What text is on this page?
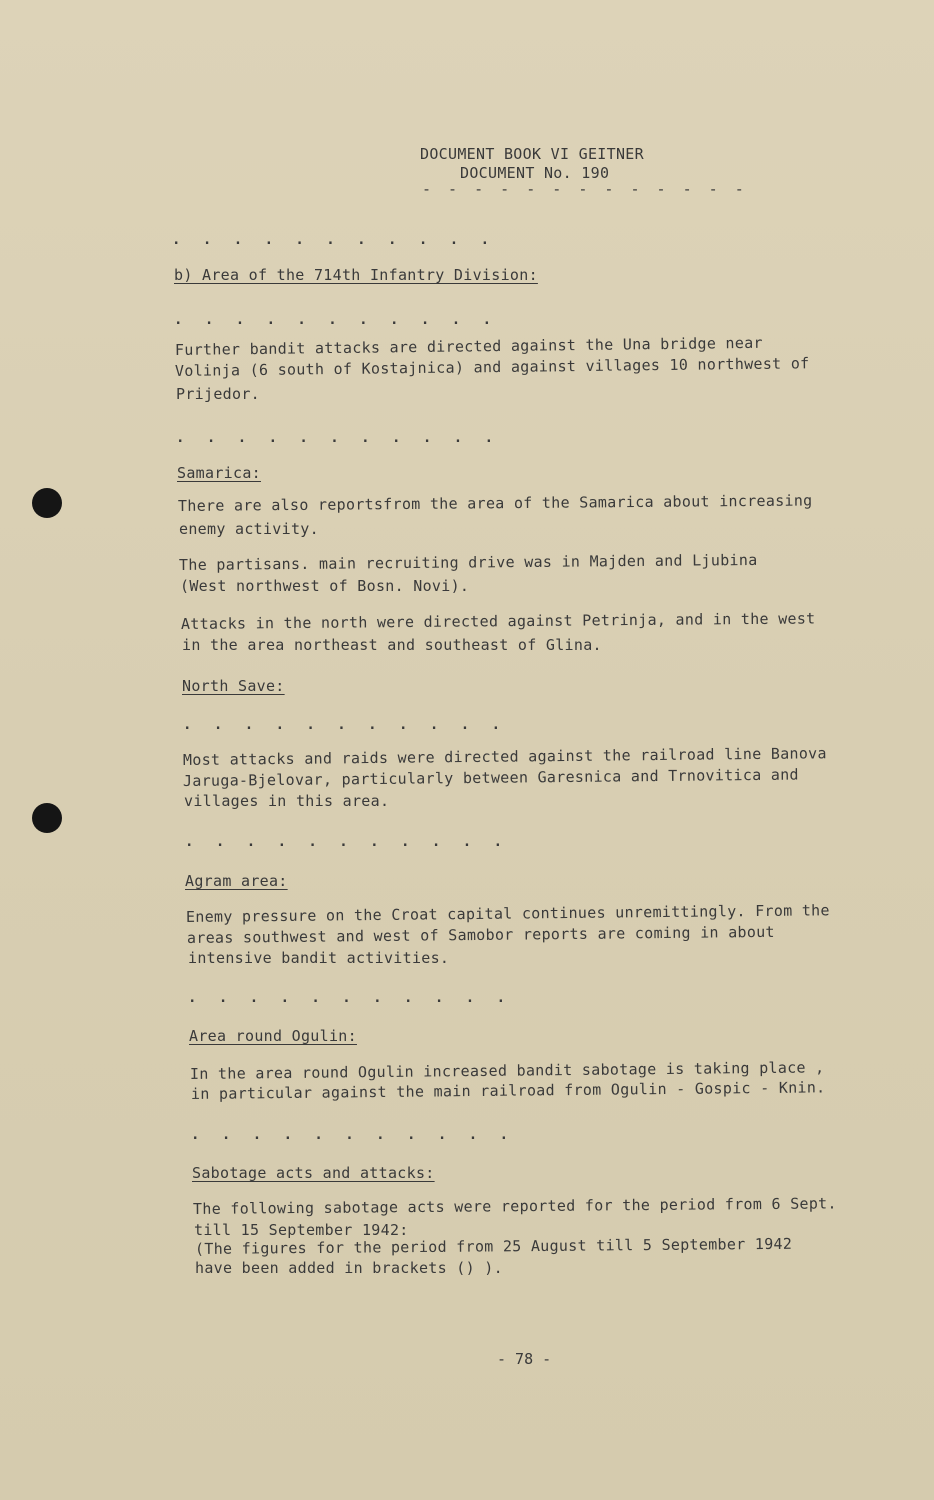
DOCUMENT BOOK VI GEITNER
DOCUMENT No. 190
- - - - - - - - - - - - -
. . . . . . . . . . .
b) Area of the 714th Infantry Division:
. . . . . . . . . . .
Further bandit attacks are directed against the Una bridge near
Volinja (6 south of Kostajnica) and against villages 10 northwest of
Prijedor.
. . . . . . . . . . .
Samarica:
There are also reportsfrom the area of the Samarica about increasing
enemy activity.
The partisans. main recruiting drive was in Majden and Ljubina
(West northwest of Bosn. Novi).
Attacks in the north were directed against Petrinja, and in the west
in the area northeast and southeast of Glina.
North Save:
. . . . . . . . . . .
Most attacks and raids were directed against the railroad line Banova
Jaruga-Bjelovar, particularly between Garesnica and Trnovitica and
villages in this area.
. . . . . . . . . . .
Agram area:
Enemy pressure on the Croat capital continues unremittingly. From the
areas southwest and west of Samobor reports are coming in about
intensive bandit activities.
. . . . . . . . . . .
Area round Ogulin:
In the area round Ogulin increased bandit sabotage is taking place ,
in particular against the main railroad from Ogulin - Gospic - Knin.
. . . . . . . . . . .
Sabotage acts and attacks:
The following sabotage acts were reported for the period from 6 Sept.
till 15 September 1942:
(The figures for the period from 25 August till 5 September 1942
have been added in brackets () ).
- 78 -
